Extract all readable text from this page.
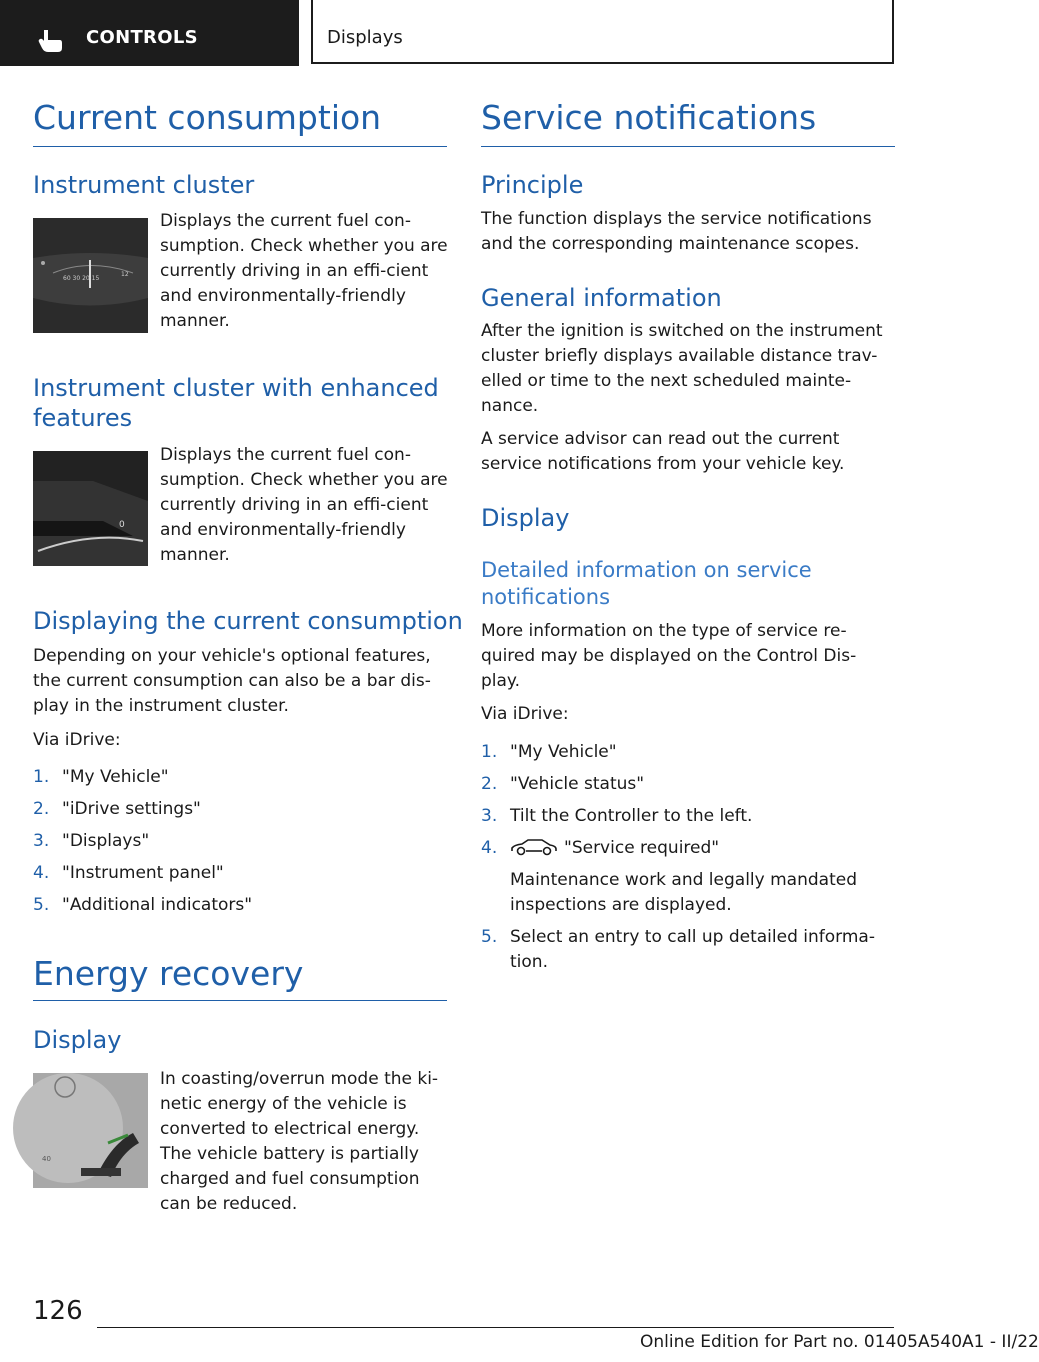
CONTROLS	Displays
Current consumption
Instrument cluster
60 30 20 15
12
Displays the current fuel con-sumption. Check whether you are currently driving in an effi-cient and environmentally-friendly manner.
Instrument cluster with enhanced features
0
Displays the current fuel con-sumption. Check whether you are currently driving in an effi-cient and environmentally-friendly manner.
Displaying the current consumption
Depending on your vehicle's optional features, the current consumption can also be a bar dis-play in the instrument cluster.
Via iDrive:
1. "My Vehicle"
2. "iDrive settings"
3. "Displays"
4. "Instrument panel"
5. "Additional indicators"
Energy recovery
Display
40
In coasting/overrun mode the ki-netic energy of the vehicle is converted to electrical energy. The vehicle battery is partially charged and fuel consumption can be reduced.
Service notifications
Principle
The function displays the service notifications and the corresponding maintenance scopes.
General information
After the ignition is switched on the instrument cluster briefly displays available distance trav-elled or time to the next scheduled mainte-nance.
A service advisor can read out the current service notifications from your vehicle key.
Display
Detailed information on service notifications
More information on the type of service re-quired may be displayed on the Control Dis-play.
Via iDrive:
1. "My Vehicle"
2. "Vehicle status"
3. Tilt the Controller to the left.
4.	"Service required"
Maintenance work and legally mandated inspections are displayed.
5. Select an entry to call up detailed informa-tion.
126
Online Edition for Part no. 01405A540A1 - II/22
